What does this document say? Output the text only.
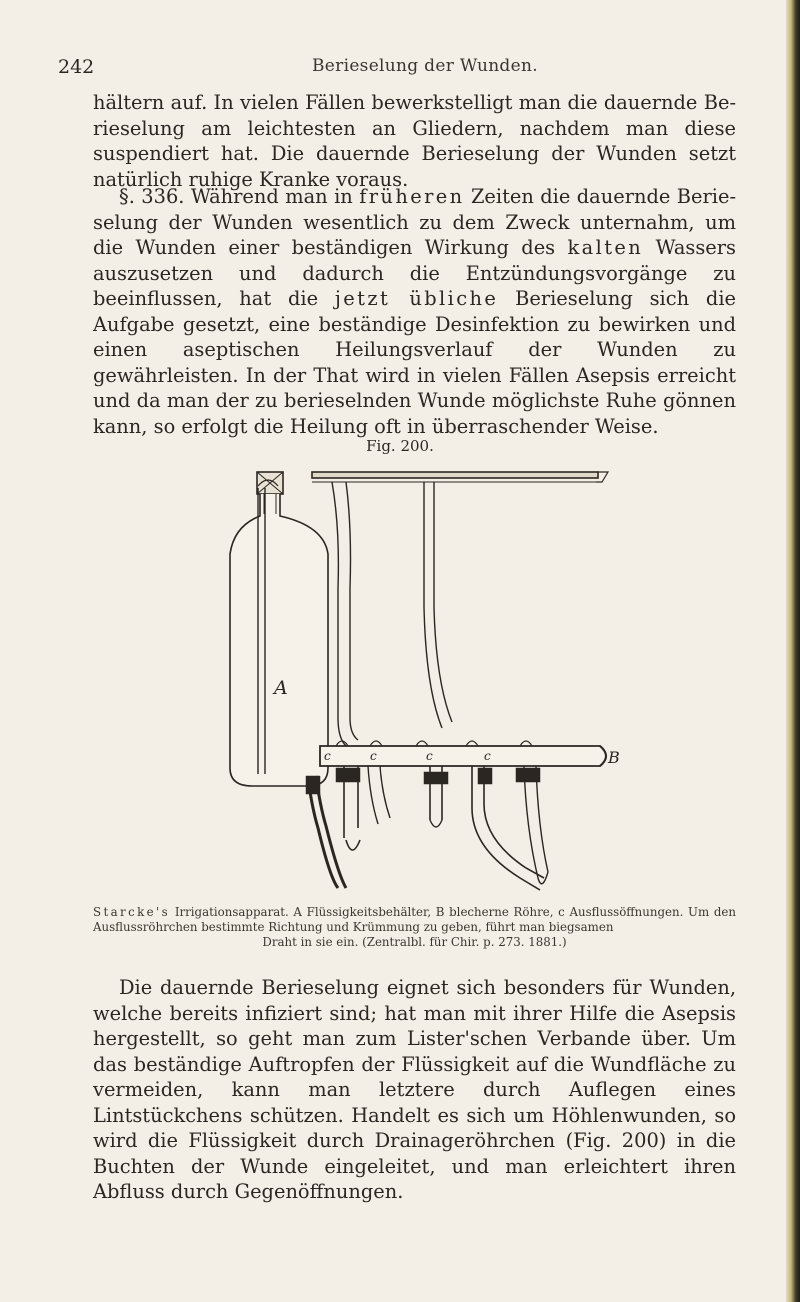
242	Berieselung der Wunden.

hältern auf. In vielen Fällen bewerkstelligt man die dauernde Berieselung am leichtesten an Gliedern, nachdem man diese suspendiert hat. Die dauernde Berieselung der Wunden setzt natürlich ruhige Kranke voraus.

§. 336. Während man in früheren Zeiten die dauernde Berieselung der Wunden wesentlich zu dem Zweck unternahm, um die Wunden einer beständigen Wirkung des kalten Wassers auszusetzen und dadurch die Entzündungsvorgänge zu beeinflussen, hat die jetzt übliche Berieselung sich die Aufgabe gesetzt, eine beständige Desinfektion zu bewirken und einen aseptischen Heilungsverlauf der Wunden zu gewährleisten. In der That wird in vielen Fällen Asepsis erreicht und da man der zu berieselnden Wunde möglichste Ruhe gönnen kann, so erfolgt die Heilung oft in überraschender Weise.

Fig. 200.
A
B
c	c	c	c
Starcke's Irrigationsapparat. A Flüssigkeitsbehälter, B blecherne Röhre, c Ausflussöffnungen. Um den Ausflussröhrchen bestimmte Richtung und Krümmung zu geben, führt man biegsamen
Draht in sie ein. (Zentralbl. für Chir. p. 273. 1881.)

Die dauernde Berieselung eignet sich besonders für Wunden, welche bereits infiziert sind; hat man mit ihrer Hilfe die Asepsis hergestellt, so geht man zum Lister'schen Verbande über. Um das beständige Auftropfen der Flüssigkeit auf die Wundfläche zu vermeiden, kann man letztere durch Auflegen eines Lintstückchens schützen. Handelt es sich um Höhlenwunden, so wird die Flüssigkeit durch Drainageröhrchen (Fig. 200) in die Buchten der Wunde eingeleitet, und man erleichtert ihren Abfluss durch Gegenöffnungen.
